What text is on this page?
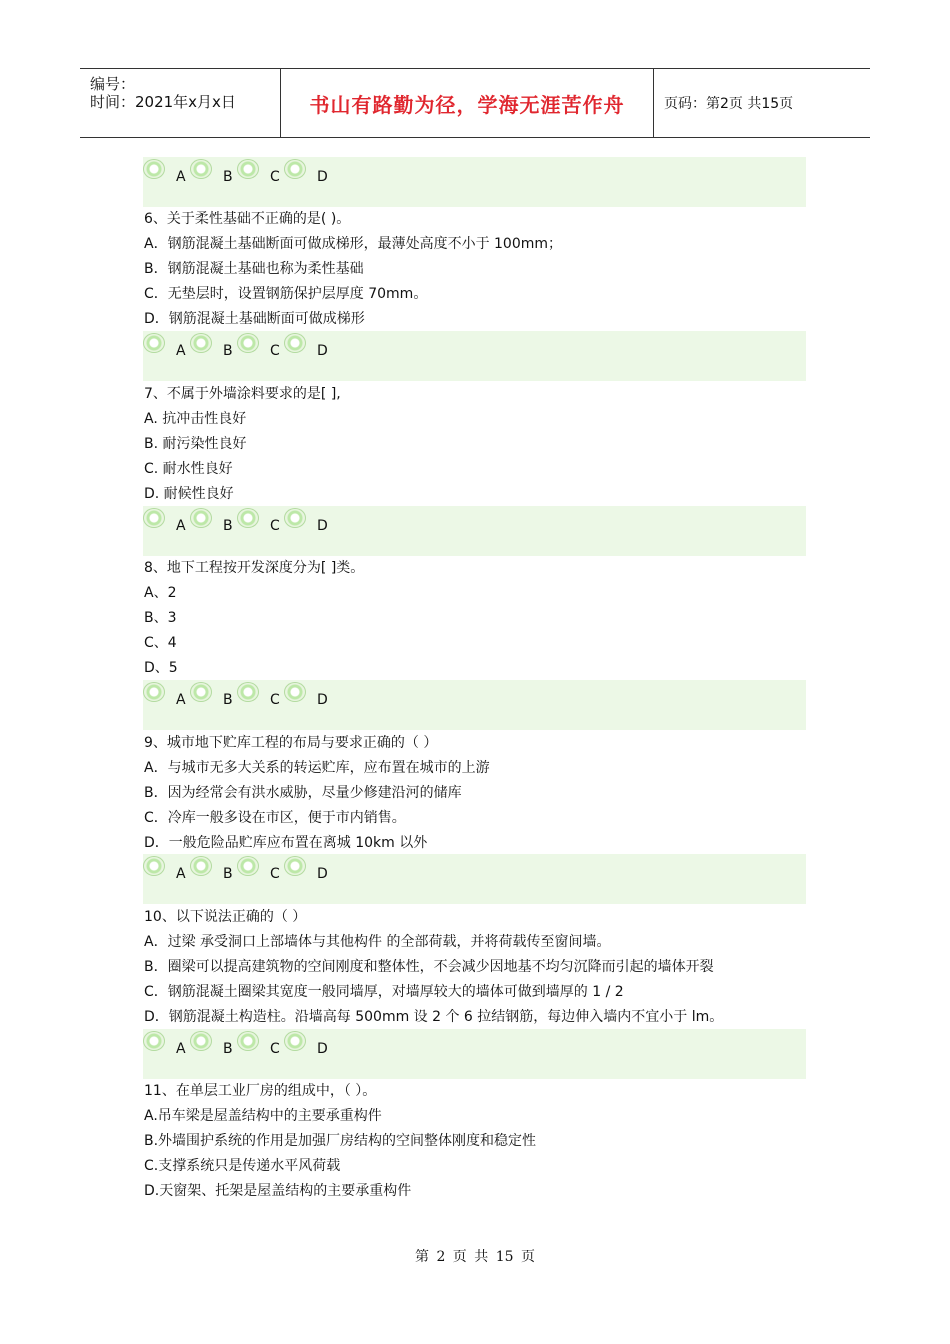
编号：
时间：2021年x月x日	书山有路勤为径，学海无涯苦作舟	页码：第2页 共15页
A	B	C	D
6、关于柔性基础不正确的是( )。
A．钢筋混凝土基础断面可做成梯形，最薄处高度不小于 100mm；
B．钢筋混凝土基础也称为柔性基础
C．无垫层时，设置钢筋保护层厚度 70mm。
D．钢筋混凝土基础断面可做成梯形
A	B	C	D
7、不属于外墙涂料要求的是[ ],
A. 抗冲击性良好
B. 耐污染性良好
C. 耐水性良好
D. 耐候性良好
A	B	C	D
8、地下工程按开发深度分为[ ]类。
A、2
B、3
C、4
D、5
A	B	C	D
9、城市地下贮库工程的布局与要求正确的（ ）
A．与城市无多大关系的转运贮库，应布置在城市的上游
B．因为经常会有洪水威胁，尽量少修建沿河的储库
C．冷库一般多设在市区，便于市内销售。
D．一般危险品贮库应布置在离城 10km 以外
A	B	C	D
10、以下说法正确的（ ）
A．过梁 承受洞口上部墙体与其他构件 的全部荷载，并将荷载传至窗间墙。
B．圈梁可以提高建筑物的空间刚度和整体性，不会减少因地基不均匀沉降而引起的墙体开裂
C．钢筋混凝土圈梁其宽度一般同墙厚，对墙厚较大的墙体可做到墙厚的 1 / 2
D．钢筋混凝土构造柱。沿墙高每 500mm 设 2 个 6 拉结钢筋，每边伸入墙内不宜小于 lm。
A	B	C	D
11、在单层工业厂房的组成中，（ ）。
A.吊车梁是屋盖结构中的主要承重构件
B.外墙围护系统的作用是加强厂房结构的空间整体刚度和稳定性
C.支撑系统只是传递水平风荷载
D.天窗架、托架是屋盖结构的主要承重构件
第 2 页 共 15 页
